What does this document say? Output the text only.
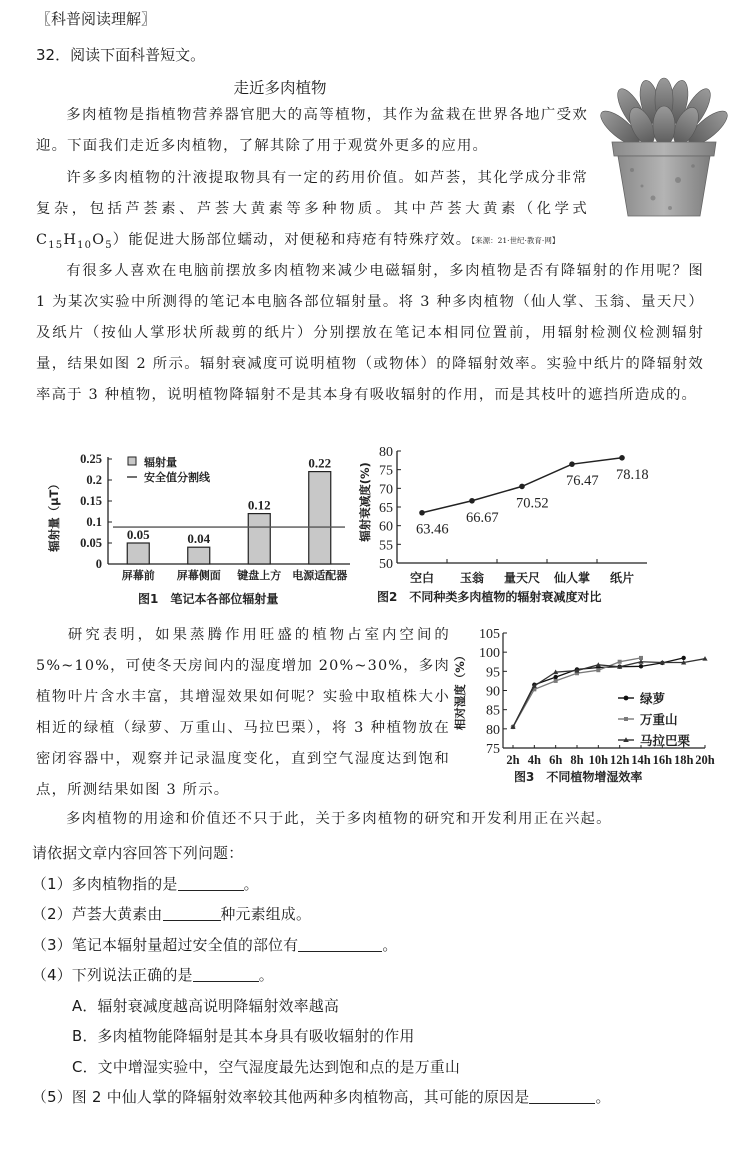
〖科普阅读理解〗
32．阅读下面科普短文。
走近多肉植物
多肉植物是指植物营养器官肥大的高等植物，其作为盆栽在世界各地广受欢迎。下面我们走近多肉植物，了解其除了用于观赏外更多的应用。
许多多肉植物的汁液提取物具有一定的药用价值。如芦荟，其化学成分非常复杂，包括芦荟素、芦荟大黄素等多种物质。其中芦荟大黄素（化学式 $C_{15}H_{10}O_5$）能促进大肠部位蠕动，对便秘和痔疮有特殊疗效。【来源：21·世纪·教育·网】
有很多人喜欢在电脑前摆放多肉植物来减少电磁辐射，多肉植物是否有降辐射的作用呢？图 1 为某次实验中所测得的笔记本电脑各部位辐射量。将 3 种多肉植物（仙人掌、玉翁、量天尺）及纸片（按仙人掌形状所裁剪的纸片）分别摆放在笔记本相同位置前，用辐射检测仪检测辐射量，结果如图 2 所示。辐射衰减度可说明植物（或物体）的降辐射效率。实验中纸片的降辐射效率高于 3 种植物，说明植物降辐射不是其本身有吸收辐射的作用，而是其枝叶的遮挡所造成的。
0
0.05
0.1
0.15
0.2
0.25
辐射量（μT）	0.05
屏幕前
0.04
屏幕侧面
0.12
键盘上方
0.22
电源适配器
辐射量
安全值分割线
图1　笔记本各部位辐射量
50
55
60
65
70
75
80
辐射衰减度(%)	63.46
空白
66.67
玉翁
70.52
量天尺
76.47
仙人掌
78.18
纸片
图2　不同种类多肉植物的辐射衰减度对比
研究表明，如果蒸腾作用旺盛的植物占室内空间的 5%~10%，可使冬天房间内的湿度增加 20%~30%，多肉植物叶片含水丰富，其增湿效果如何呢？实验中取植株大小相近的绿植（绿萝、万重山、马拉巴栗），将 3 种植物放在密闭容器中，观察并记录温度变化，直到空气湿度达到饱和点，所测结果如图 3 所示。
75
80
85
90
95
100
105
相对湿度（%）
2h 4h 6h 8h 10h 12h 14h 16h 18h 20h
绿萝
万重山
马拉巴栗
图3　不同植物增湿效率
多肉植物的用途和价值还不只于此，关于多肉植物的研究和开发利用正在兴起。
请依据文章内容回答下列问题：
（1）多肉植物指的是	。
（2）芦荟大黄素由	种元素组成。
（3）笔记本辐射量超过安全值的部位有	。
（4）下列说法正确的是	。
A．辐射衰减度越高说明降辐射效率越高
B．多肉植物能降辐射是其本身具有吸收辐射的作用
C．文中增湿实验中，空气湿度最先达到饱和点的是万重山
（5）图 2 中仙人掌的降辐射效率较其他两种多肉植物高，其可能的原因是	。
